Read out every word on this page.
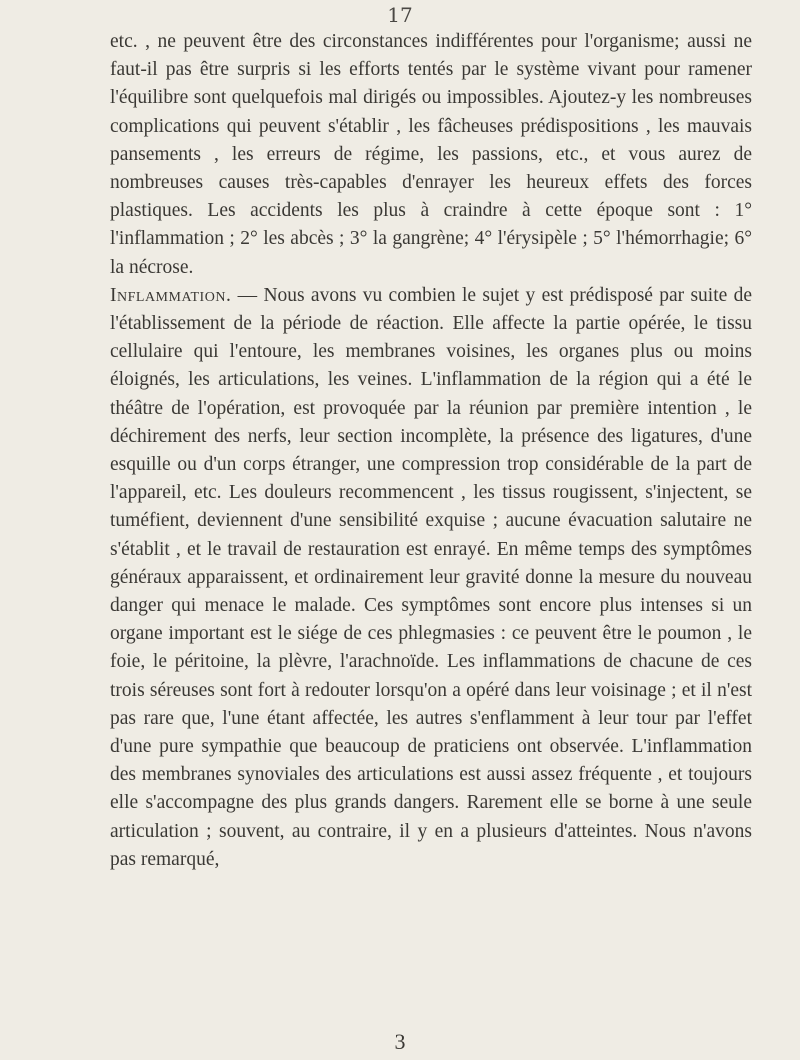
17

etc. , ne peuvent être des circonstances indifférentes pour l'organisme; aussi ne faut-il pas être surpris si les efforts tentés par le système vivant pour ramener l'équilibre sont quelquefois mal dirigés ou impossibles. Ajoutez-y les nombreuses complications qui peuvent s'établir , les fâcheuses prédispositions , les mauvais pansements , les erreurs de régime, les passions, etc., et vous aurez de nombreuses causes très-capables d'enrayer les heureux effets des forces plastiques. Les accidents les plus à craindre à cette époque sont : 1° l'inflammation ; 2° les abcès ; 3° la gangrène; 4° l'érysipèle ; 5° l'hémorrhagie; 6° la nécrose.

Inflammation. — Nous avons vu combien le sujet y est prédisposé par suite de l'établissement de la période de réaction. Elle affecte la partie opérée, le tissu cellulaire qui l'entoure, les membranes voisines, les organes plus ou moins éloignés, les articulations, les veines. L'inflammation de la région qui a été le théâtre de l'opération, est provoquée par la réunion par première intention , le déchirement des nerfs, leur section incomplète, la présence des ligatures, d'une esquille ou d'un corps étranger, une compression trop considérable de la part de l'appareil, etc. Les douleurs recommencent , les tissus rougissent, s'injectent, se tuméfient, deviennent d'une sensibilité exquise ; aucune évacuation salutaire ne s'établit , et le travail de restauration est enrayé. En même temps des symptômes généraux apparaissent, et ordinairement leur gravité donne la mesure du nouveau danger qui menace le malade. Ces symptômes sont encore plus intenses si un organe important est le siége de ces phlegmasies : ce peuvent être le poumon , le foie, le péritoine, la plèvre, l'arachnoïde. Les inflammations de chacune de ces trois séreuses sont fort à redouter lorsqu'on a opéré dans leur voisinage ; et il n'est pas rare que, l'une étant affectée, les autres s'enflamment à leur tour par l'effet d'une pure sympathie que beaucoup de praticiens ont observée. L'inflammation des membranes synoviales des articulations est aussi assez fréquente , et toujours elle s'accompagne des plus grands dangers. Rarement elle se borne à une seule articulation ; souvent, au contraire, il y en a plusieurs d'atteintes. Nous n'avons pas remarqué,

3
